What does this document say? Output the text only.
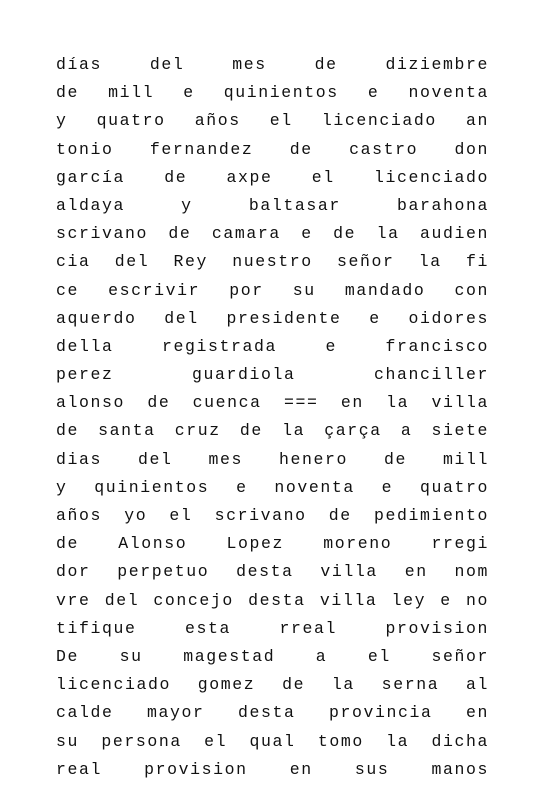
días del mes de diziembre
de mill e quinientos e noventa
y quatro años el licenciado an
tonio fernandez de castro don
garcía de axpe el licenciado
aldaya y baltasar barahona
scrivano de camara e de la audien
cia del Rey nuestro señor la fi
ce escrivir por su mandado con
aquerdo del presidente e oidores
della registrada e francisco
perez guardiola chanciller
alonso de cuenca === en la villa
de santa cruz de la çarça a siete
dias del mes henero de mill
y quinientos e noventa e quatro
años yo el scrivano de pedimiento
de Alonso Lopez moreno rregi
dor perpetuo desta villa en nom
vre del concejo desta villa ley e no
tifique esta rreal provision
De su magestad a el señor
licenciado gomez de la serna al
calde mayor desta provincia en
su persona el qual tomo la dicha
real provision en sus manos
